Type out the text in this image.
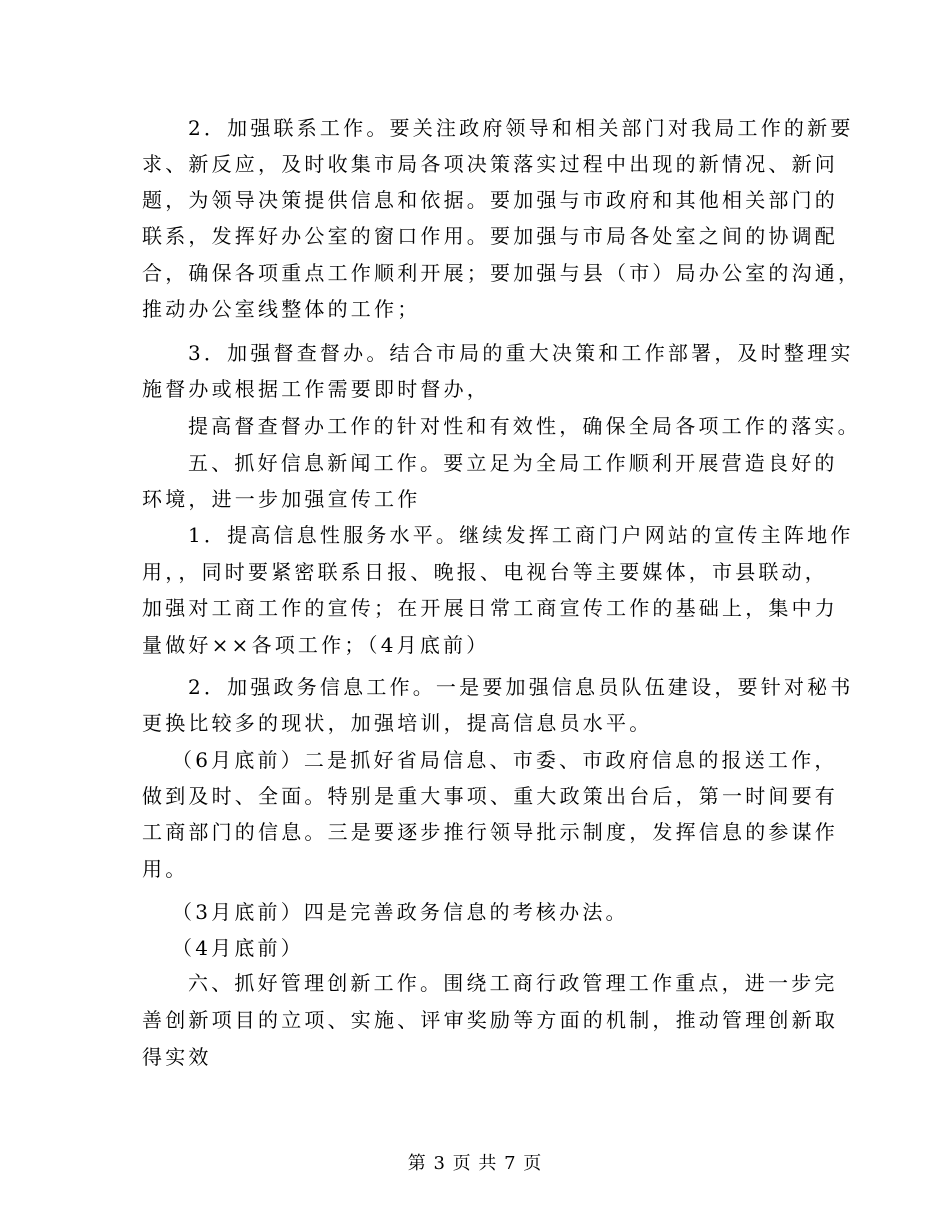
2．加强联系工作。要关注政府领导和相关部门对我局工作的新要
求、新反应，及时收集市局各项决策落实过程中出现的新情况、新问
题，为领导决策提供信息和依据。要加强与市政府和其他相关部门的
联系，发挥好办公室的窗口作用。要加强与市局各处室之间的协调配
合，确保各项重点工作顺利开展；要加强与县（市）局办公室的沟通，
推动办公室线整体的工作；
3．加强督查督办。结合市局的重大决策和工作部署，及时整理实
施督办或根据工作需要即时督办，
提高督查督办工作的针对性和有效性，确保全局各项工作的落实。
五、抓好信息新闻工作。要立足为全局工作顺利开展营造良好的
环境，进一步加强宣传工作
1．提高信息性服务水平。继续发挥工商门户网站的宣传主阵地作
用，，同时要紧密联系日报、晚报、电视台等主要媒体，市县联动，
加强对工商工作的宣传；在开展日常工商宣传工作的基础上，集中力
量做好××各项工作；（4月底前）
2．加强政务信息工作。一是要加强信息员队伍建设，要针对秘书
更换比较多的现状，加强培训，提高信息员水平。
（6月底前）二是抓好省局信息、市委、市政府信息的报送工作，
做到及时、全面。特别是重大事项、重大政策出台后，第一时间要有
工商部门的信息。三是要逐步推行领导批示制度，发挥信息的参谋作
用。
（3月底前）四是完善政务信息的考核办法。
（4月底前）
六、抓好管理创新工作。围绕工商行政管理工作重点，进一步完
善创新项目的立项、实施、评审奖励等方面的机制，推动管理创新取
得实效
第 3 页 共 7 页
